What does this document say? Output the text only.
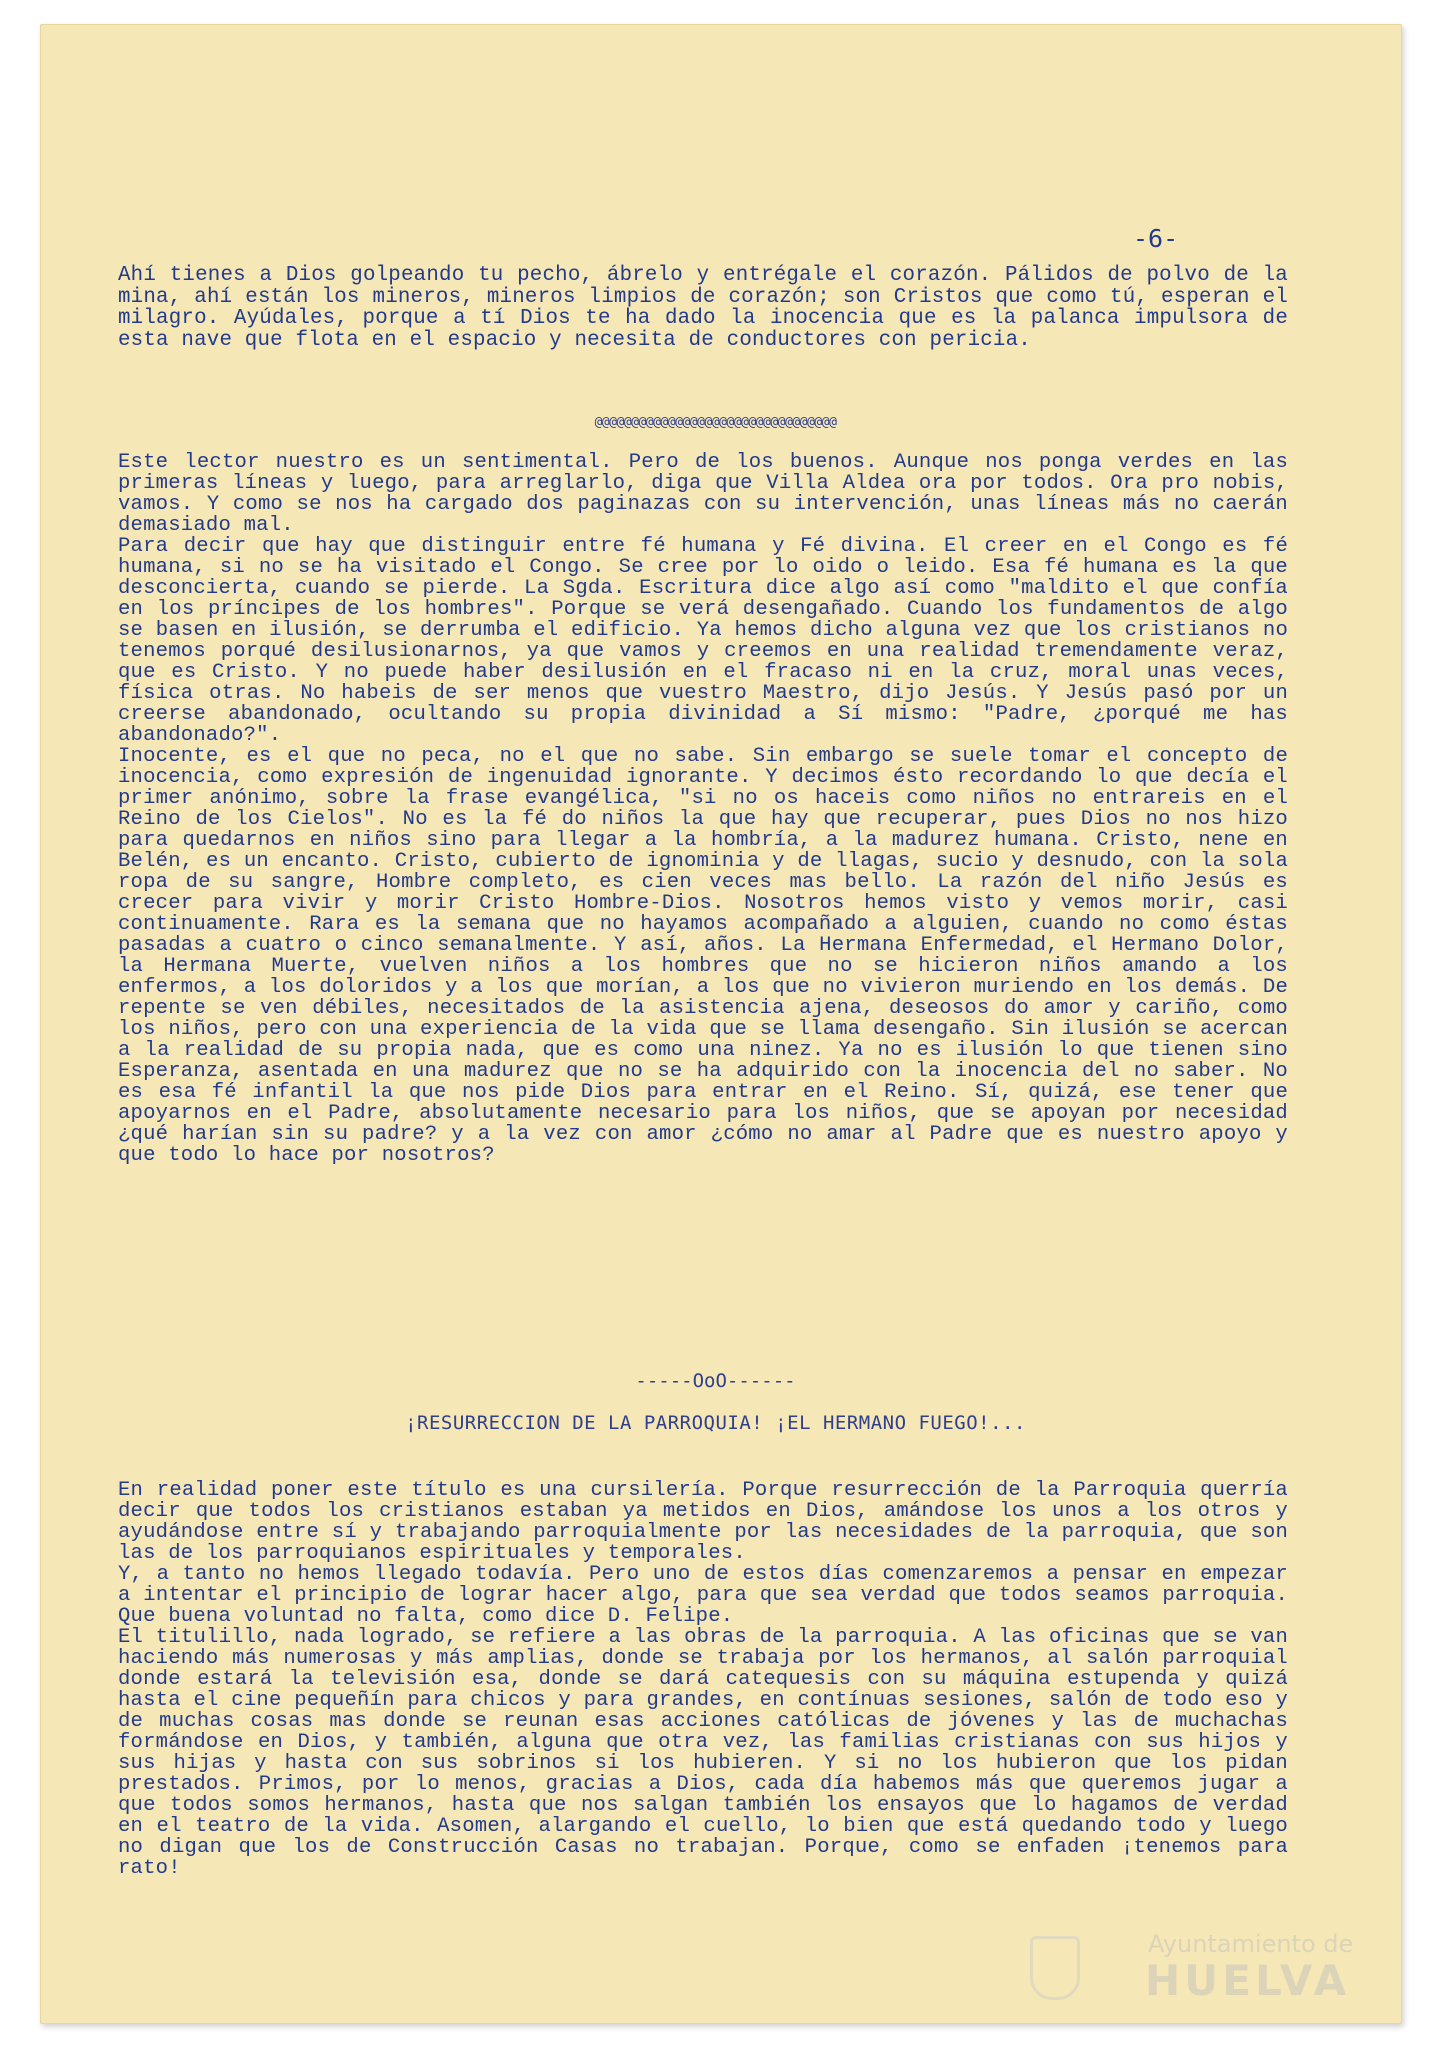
-6-

Ahí tienes a Dios golpeando tu pecho, ábrelo y entrégale el corazón. Pálidos de polvo de la mina, ahí están los mineros, mineros limpios de corazón; son Cristos que como tú, esperan el milagro. Ayúdales, porque a tí Dios te ha dado la inocencia que es la palanca impulsora de esta nave que flota en el espacio y necesita de conductores con pericia.

@@@@@@@@@@@@@@@@@@@@@@@@@@@@@@@@@

Este lector nuestro es un sentimental. Pero de los buenos. Aunque nos ponga verdes en las primeras líneas y luego, para arreglarlo, diga que Villa Aldea ora por todos. Ora pro nobis, vamos. Y como se nos ha cargado dos paginazas con su intervención, unas líneas más no caerán demasiado mal.

Para decir que hay que distinguir entre fé humana y Fé divina. El creer en el Congo es fé humana, si no se ha visitado el Congo. Se cree por lo oido o leido. Esa fé humana es la que desconcierta, cuando se pierde. La Sgda. Escritura dice algo así como "maldito el que confía en los príncipes de los hombres". Porque se verá desengañado. Cuando los fundamentos de algo se basen en ilusión, se derrumba el edificio. Ya hemos dicho alguna vez que los cristianos no tenemos porqué desilusionarnos, ya que vamos y creemos en una realidad tremendamente veraz, que es Cristo. Y no puede haber desilusión en el fracaso ni en la cruz, moral unas veces, física otras. No habeis de ser menos que vuestro Maestro, dijo Jesús. Y Jesús pasó por un creerse abandonado, ocultando su propia divinidad a Sí mismo: "Padre, ¿porqué me has abandonado?".

Inocente, es el que no peca, no el que no sabe. Sin embargo se suele tomar el concepto de inocencia, como expresión de ingenuidad ignorante. Y decimos ésto recordando lo que decía el primer anónimo, sobre la frase evangélica, "si no os haceis como niños no entrareis en el Reino de los Cielos". No es la fé do niños la que hay que recuperar, pues Dios no nos hizo para quedarnos en niños sino para llegar a la hombría, a la madurez humana. Cristo, nene en Belén, es un encanto. Cristo, cubierto de ignominia y de llagas, sucio y desnudo, con la sola ropa de su sangre, Hombre completo, es cien veces mas bello. La razón del niño Jesús es crecer para vivir y morir Cristo Hombre-Dios. Nosotros hemos visto y vemos morir, casi continuamente. Rara es la semana que no hayamos acompañado a alguien, cuando no como éstas pasadas a cuatro o cinco semanalmente. Y así, años. La Hermana Enfermedad, el Hermano Dolor, la Hermana Muerte, vuelven niños a los hombres que no se hicieron niños amando a los enfermos, a los doloridos y a los que morían, a los que no vivieron muriendo en los demás. De repente se ven débiles, necesitados de la asistencia ajena, deseosos do amor y cariño, como los niños, pero con una experiencia de la vida que se llama desengaño. Sin ilusión se acercan a la realidad de su propia nada, que es como una ninez. Ya no es ilusión lo que tienen sino Esperanza, asentada en una madurez que no se ha adquirido con la inocencia del no saber. No es esa fé infantil la que nos pide Dios para entrar en el Reino. Sí, quizá, ese tener que apoyarnos en el Padre, absolutamente necesario para los niños, que se apoyan por necesidad ¿qué harían sin su padre? y a la vez con amor ¿cómo no amar al Padre que es nuestro apoyo y que todo lo hace por nosotros?

-----OoO------
¡RESURRECCION DE LA PARROQUIA! ¡EL HERMANO FUEGO!...

En realidad poner este título es una cursilería. Porque resurrección de la Parroquia querría decir que todos los cristianos estaban ya metidos en Dios, amándose los unos a los otros y ayudándose entre sí y trabajando parroquialmente por las necesidades de la parroquia, que son las de los parroquianos espirituales y temporales.

Y, a tanto no hemos llegado todavía. Pero uno de estos días comenzaremos a pensar en empezar a intentar el principio de lograr hacer algo, para que sea verdad que todos seamos parroquia. Que buena voluntad no falta, como dice D. Felipe.

El titulillo, nada logrado, se refiere a las obras de la parroquia. A las oficinas que se van haciendo más numerosas y más amplias, donde se trabaja por los hermanos, al salón parroquial donde estará la televisión esa, donde se dará catequesis con su máquina estupenda y quizá hasta el cine pequeñín para chicos y para grandes, en contínuas sesiones, salón de todo eso y de muchas cosas mas donde se reunan esas acciones católicas de jóvenes y las de muchachas formándose en Dios, y también, alguna que otra vez, las familias cristianas con sus hijos y sus hijas y hasta con sus sobrinos si los hubieren. Y si no los hubieron que los pidan prestados. Primos, por lo menos, gracias a Dios, cada día habemos más que queremos jugar a que todos somos hermanos, hasta que nos salgan también los ensayos que lo hagamos de verdad en el teatro de la vida. Asomen, alargando el cuello, lo bien que está quedando todo y luego no digan que los de Construcción Casas no trabajan. Porque, como se enfaden ¡tenemos para rato!

Ayuntamiento de
HUELVA
